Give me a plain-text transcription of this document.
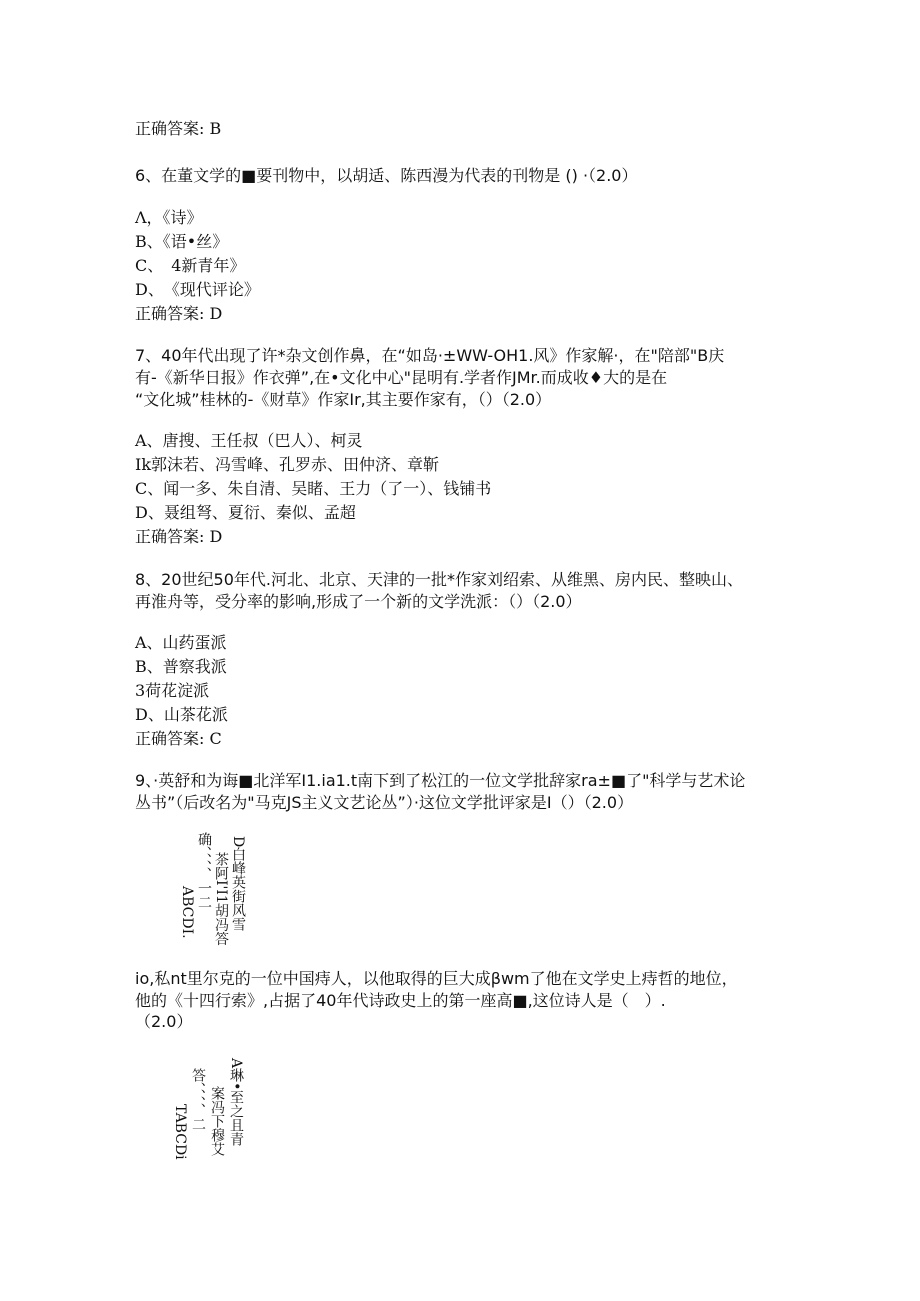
正确答案: B
6、在董文学的■要刊物中，以胡适、陈西漫为代表的刊物是 () ·（2.0）
Λ，《诗》
B、《语•丝》
C、　4新青年》
D、　《现代评论》
正确答案: D
7、40年代出现了许*杂文创作鼻，在“如岛·±WW-OH1.风》作家解·，在"陪部"B庆
有-《新华日报》作衣弹”,在•文化中心"昆明有.学者作JMr.而成收♦大的是在
“文化城”桂林的-《财草》作家Ir,其主要作家有，（）（2.0）
A、唐搜、王任叔（巴人）、柯灵
Ik郭沫若、冯雪峰、孔罗赤、田仲济、章靳
C、闻一多、朱自清、吴睹、王力（了一）、钱铺书
D、聂组弩、夏衍、秦似、孟超
正确答案: D
8、20世纪50年代.河北、北京、天津的一批*作家刘绍索、从维黑、房内民、整映山、
再淮舟等，受分率的影响,形成了一个新的文学洗派：（）（2.0）
A、山药蛋派
B、普察我派
3荷花淀派
D、山茶花派
正确答案: C
9、·英舒和为诲■北洋军I1.ia1.t南下到了松江的一位文学批辞家ra±■了"科学与艺术论
丛书”（后改名为"马克JS主义文艺论丛”）·这位文学批评家是I（）（2.0）
D白峰英街风雪
茶阿I'I1胡冯答
确、、、、一二
ABCDI.
io,私nt里尔克的一位中国痔人，以他取得的巨大成βwm了他在文学史上痔哲的地位，
他的《十四行索》,占据了40年代诗政史上的第一座高■,这位诗人是（　）.
（2.0）
A琳•至之且青
案冯下穆艾
答、、、、二
TABCDi
